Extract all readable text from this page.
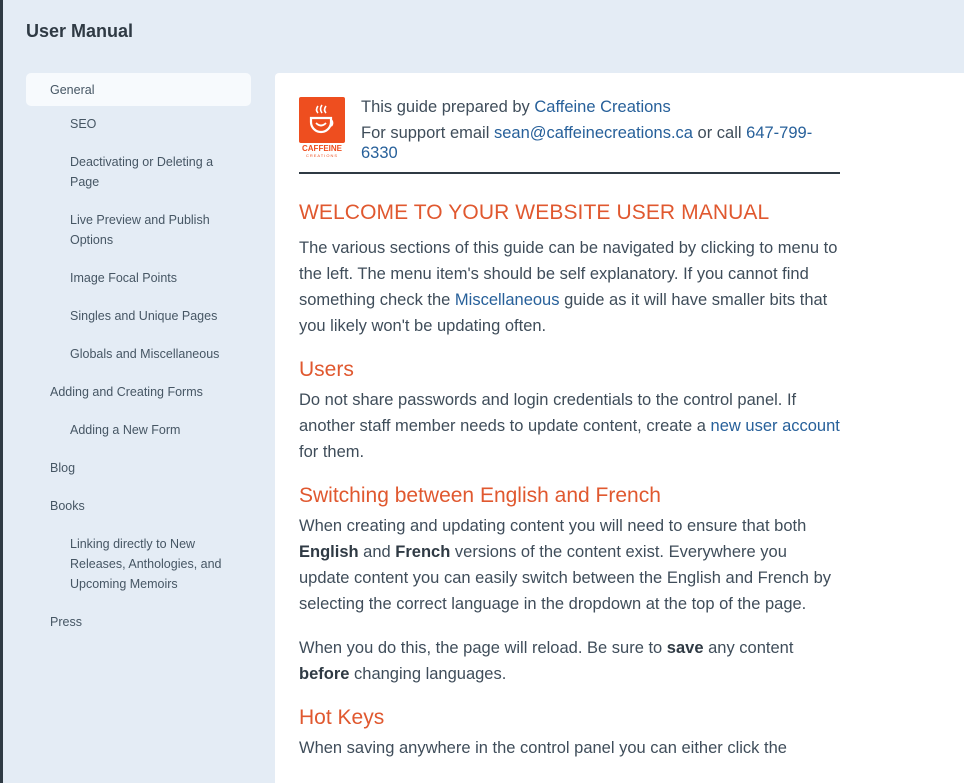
User Manual
General
SEO
Deactivating or Deleting a Page
Live Preview and Publish Options
Image Focal Points
Singles and Unique Pages
Globals and Miscellaneous
Adding and Creating Forms
Adding a New Form
Blog
Books
Linking directly to New Releases, Anthologies, and Upcoming Memoirs
Press
CAFFEINE
CREATIONS

This guide prepared by Caffeine Creations

For support email sean@caffeinecreations.ca or call 647-799-6330

WELCOME TO YOUR WEBSITE USER MANUAL

The various sections of this guide can be navigated by clicking to menu to the left. The menu item's should be self explanatory. If you cannot find something check the Miscellaneous guide as it will have smaller bits that you likely won't be updating often.

Users

Do not share passwords and login credentials to the control panel. If another staff member needs to update content, create a new user account for them.

Switching between English and French

When creating and updating content you will need to ensure that both English and French versions of the content exist. Everywhere you update content you can easily switch between the English and French by selecting the correct language in the dropdown at the top of the page.

When you do this, the page will reload. Be sure to save any content before changing languages.

Hot Keys

When saving anywhere in the control panel you can either click the
